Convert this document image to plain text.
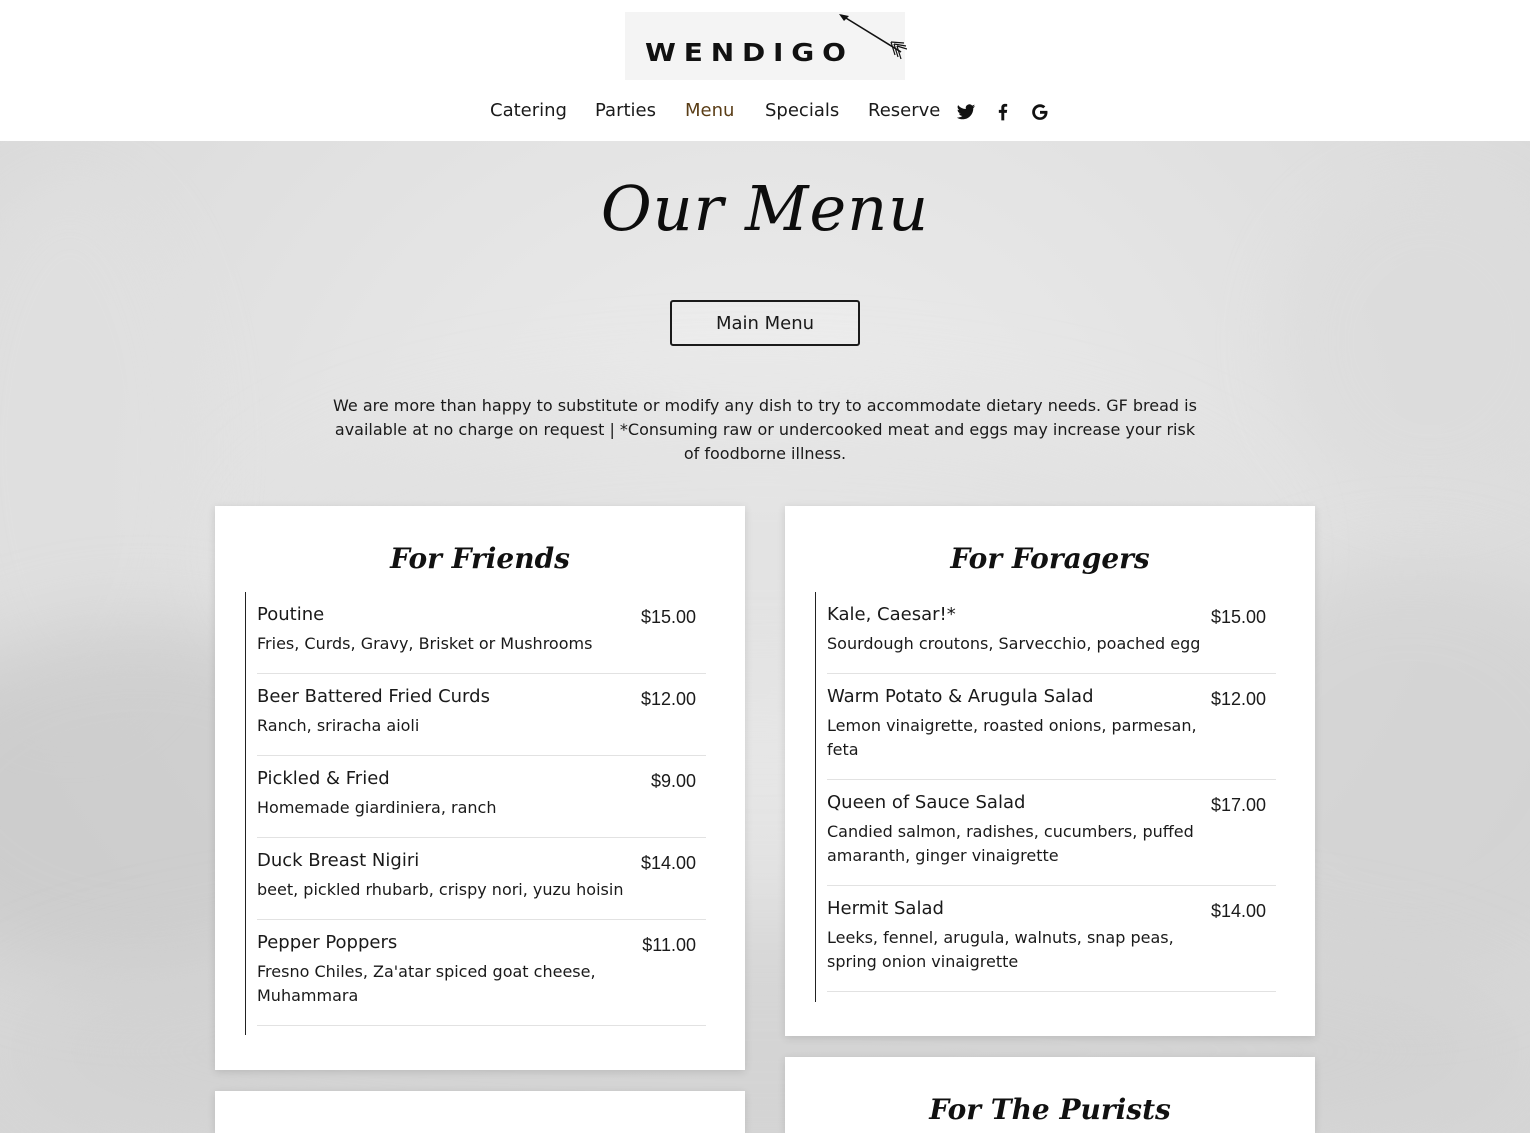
WENDIGO
Catering Parties Menu Specials Reserve
Our Menu
Main Menu
We are more than happy to substitute or modify any dish to try to accommodate dietary needs. GF bread is available at no charge on request | *Consuming raw or undercooked meat and eggs may increase your risk of foodborne illness.
For Friends
Poutine	$15.00
Fries, Curds, Gravy, Brisket or Mushrooms
Beer Battered Fried Curds	$12.00
Ranch, sriracha aioli
Pickled & Fried	$9.00
Homemade giardiniera, ranch
Duck Breast Nigiri	$14.00
beet, pickled rhubarb, crispy nori, yuzu hoisin
Pepper Poppers	$11.00
Fresno Chiles, Za'atar spiced goat cheese, Muhammara
For Foragers
Kale, Caesar!*	$15.00
Sourdough croutons, Sarvecchio, poached egg
Warm Potato & Arugula Salad	$12.00
Lemon vinaigrette, roasted onions, parmesan, feta
Queen of Sauce Salad	$17.00
Candied salmon, radishes, cucumbers, puffed amaranth, ginger vinaigrette
Hermit Salad	$14.00
Leeks, fennel, arugula, walnuts, snap peas, spring onion vinaigrette
For The Purists
